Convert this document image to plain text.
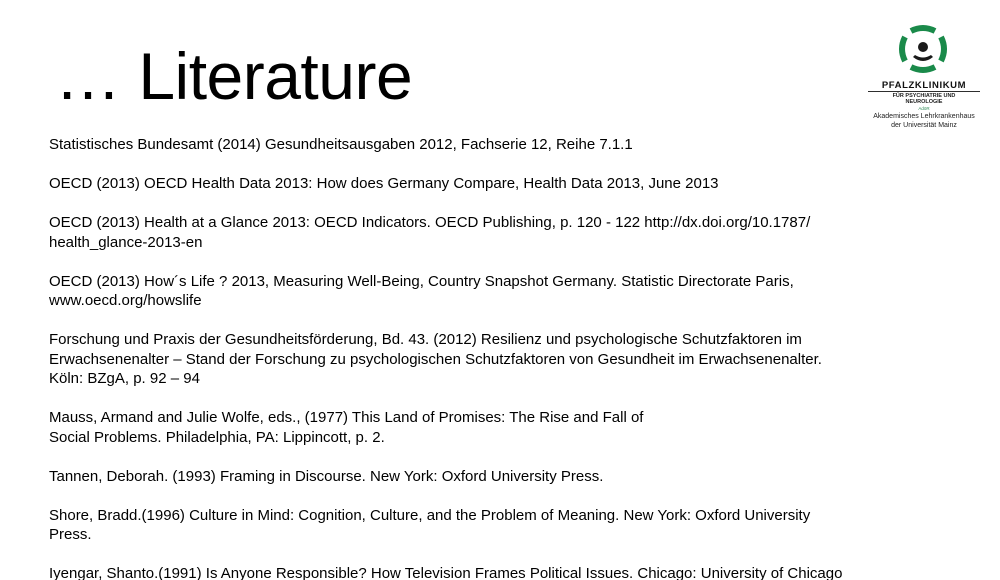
… Literature	PFALZKLINIKUM
FÜR PSYCHIATRIE UND
NEUROLOGIE
AdöR
Akademisches Lehrkrankenhaus
der Universität Mainz
Statistisches Bundesamt (2014) Gesundheitsausgaben 2012, Fachserie 12, Reihe 7.1.1
OECD (2013) OECD Health Data 2013: How does Germany Compare, Health Data 2013, June 2013
OECD (2013) Health at a Glance 2013: OECD Indicators. OECD Publishing, p. 120 - 122 http://dx.doi.org/10.1787/
health_glance-2013-en
OECD (2013) How´s Life ? 2013, Measuring Well-Being, Country Snapshot Germany. Statistic Directorate Paris,
www.oecd.org/howslife
Forschung und Praxis der Gesundheitsförderung, Bd. 43. (2012) Resilienz und psychologische Schutzfaktoren im
Erwachsenenalter – Stand der Forschung zu psychologischen Schutzfaktoren von Gesundheit im Erwachsenenalter.
Köln: BZgA, p. 92 – 94
Mauss, Armand and Julie Wolfe, eds., (1977) This Land of Promises: The Rise and Fall of
Social Problems. Philadelphia, PA: Lippincott, p. 2.
Tannen, Deborah. (1993) Framing in Discourse. New York: Oxford University Press.
Shore, Bradd.(1996) Culture in Mind: Cognition, Culture, and the Problem of Meaning. New York: Oxford University
Press.
Iyengar, Shanto.(1991) Is Anyone Responsible? How Television Frames Political Issues. Chicago: University of Chicago
